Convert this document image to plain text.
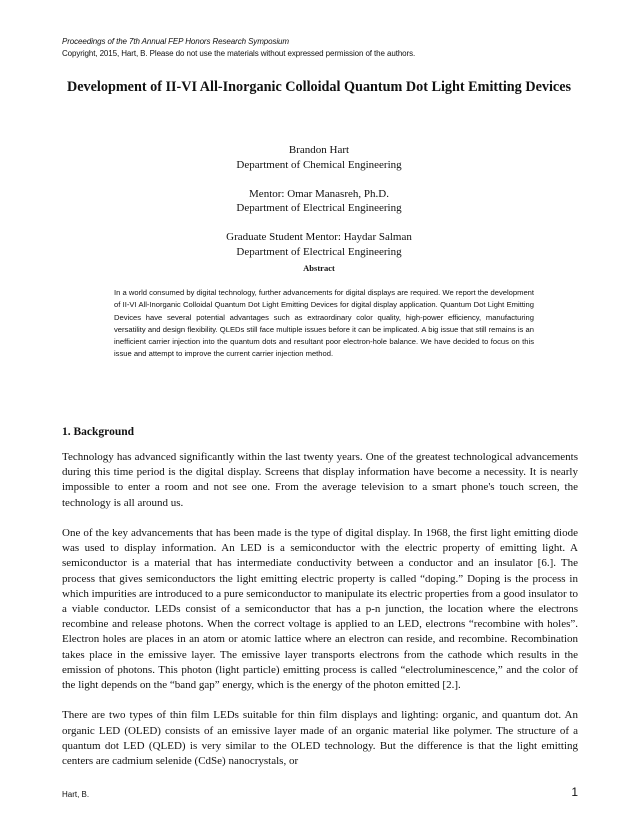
Proceedings of the 7th Annual FEP Honors Research Symposium
Copyright, 2015, Hart, B. Please do not use the materials without expressed permission of the authors.
Development of II-VI All-Inorganic Colloidal Quantum Dot Light Emitting Devices
Brandon Hart
Department of Chemical Engineering
Mentor: Omar Manasreh, Ph.D.
Department of Electrical Engineering
Graduate Student Mentor: Haydar Salman
Department of Electrical Engineering
Abstract
In a world consumed by digital technology, further advancements for digital displays are required. We report the development of II-VI All-Inorganic Colloidal Quantum Dot Light Emitting Devices for digital display application. Quantum Dot Light Emitting Devices have several potential advantages such as extraordinary color quality, high-power efficiency, manufacturing versatility and design flexibility. QLEDs still face multiple issues before it can be implicated. A big issue that still remains is an inefficient carrier injection into the quantum dots and resultant poor electron-hole balance. We have decided to focus on this issue and attempt to improve the current carrier injection method.
1. Background

Technology has advanced significantly within the last twenty years. One of the greatest technological advancements during this time period is the digital display. Screens that display information have become a necessity. It is nearly impossible to enter a room and not see one. From the average television to a smart phone's touch screen, the technology is all around us.

One of the key advancements that has been made is the type of digital display. In 1968, the first light emitting diode was used to display information. An LED is a semiconductor with the electric property of emitting light. A semiconductor is a material that has intermediate conductivity between a conductor and an insulator [6.]. The process that gives semiconductors the light emitting electric property is called “doping.” Doping is the process in which impurities are introduced to a pure semiconductor to manipulate its electric properties from a good insulator to a viable conductor. LEDs consist of a semiconductor that has a p-n junction, the location where the electrons recombine and release photons. When the correct voltage is applied to an LED, electrons “recombine with holes”. Electron holes are places in an atom or atomic lattice where an electron can reside, and recombine. Recombination takes place in the emissive layer. The emissive layer transports electrons from the cathode which results in the emission of photons. This photon (light particle) emitting process is called “electroluminescence,” and the color of the light depends on the “band gap” energy, which is the energy of the photon emitted [2.].

There are two types of thin film LEDs suitable for thin film displays and lighting: organic, and quantum dot. An organic LED (OLED) consists of an emissive layer made of an organic material like polymer. The structure of a quantum dot LED (QLED) is very similar to the OLED technology. But the difference is that the light emitting centers are cadmium selenide (CdSe) nanocrystals, or

Hart, B.	1
